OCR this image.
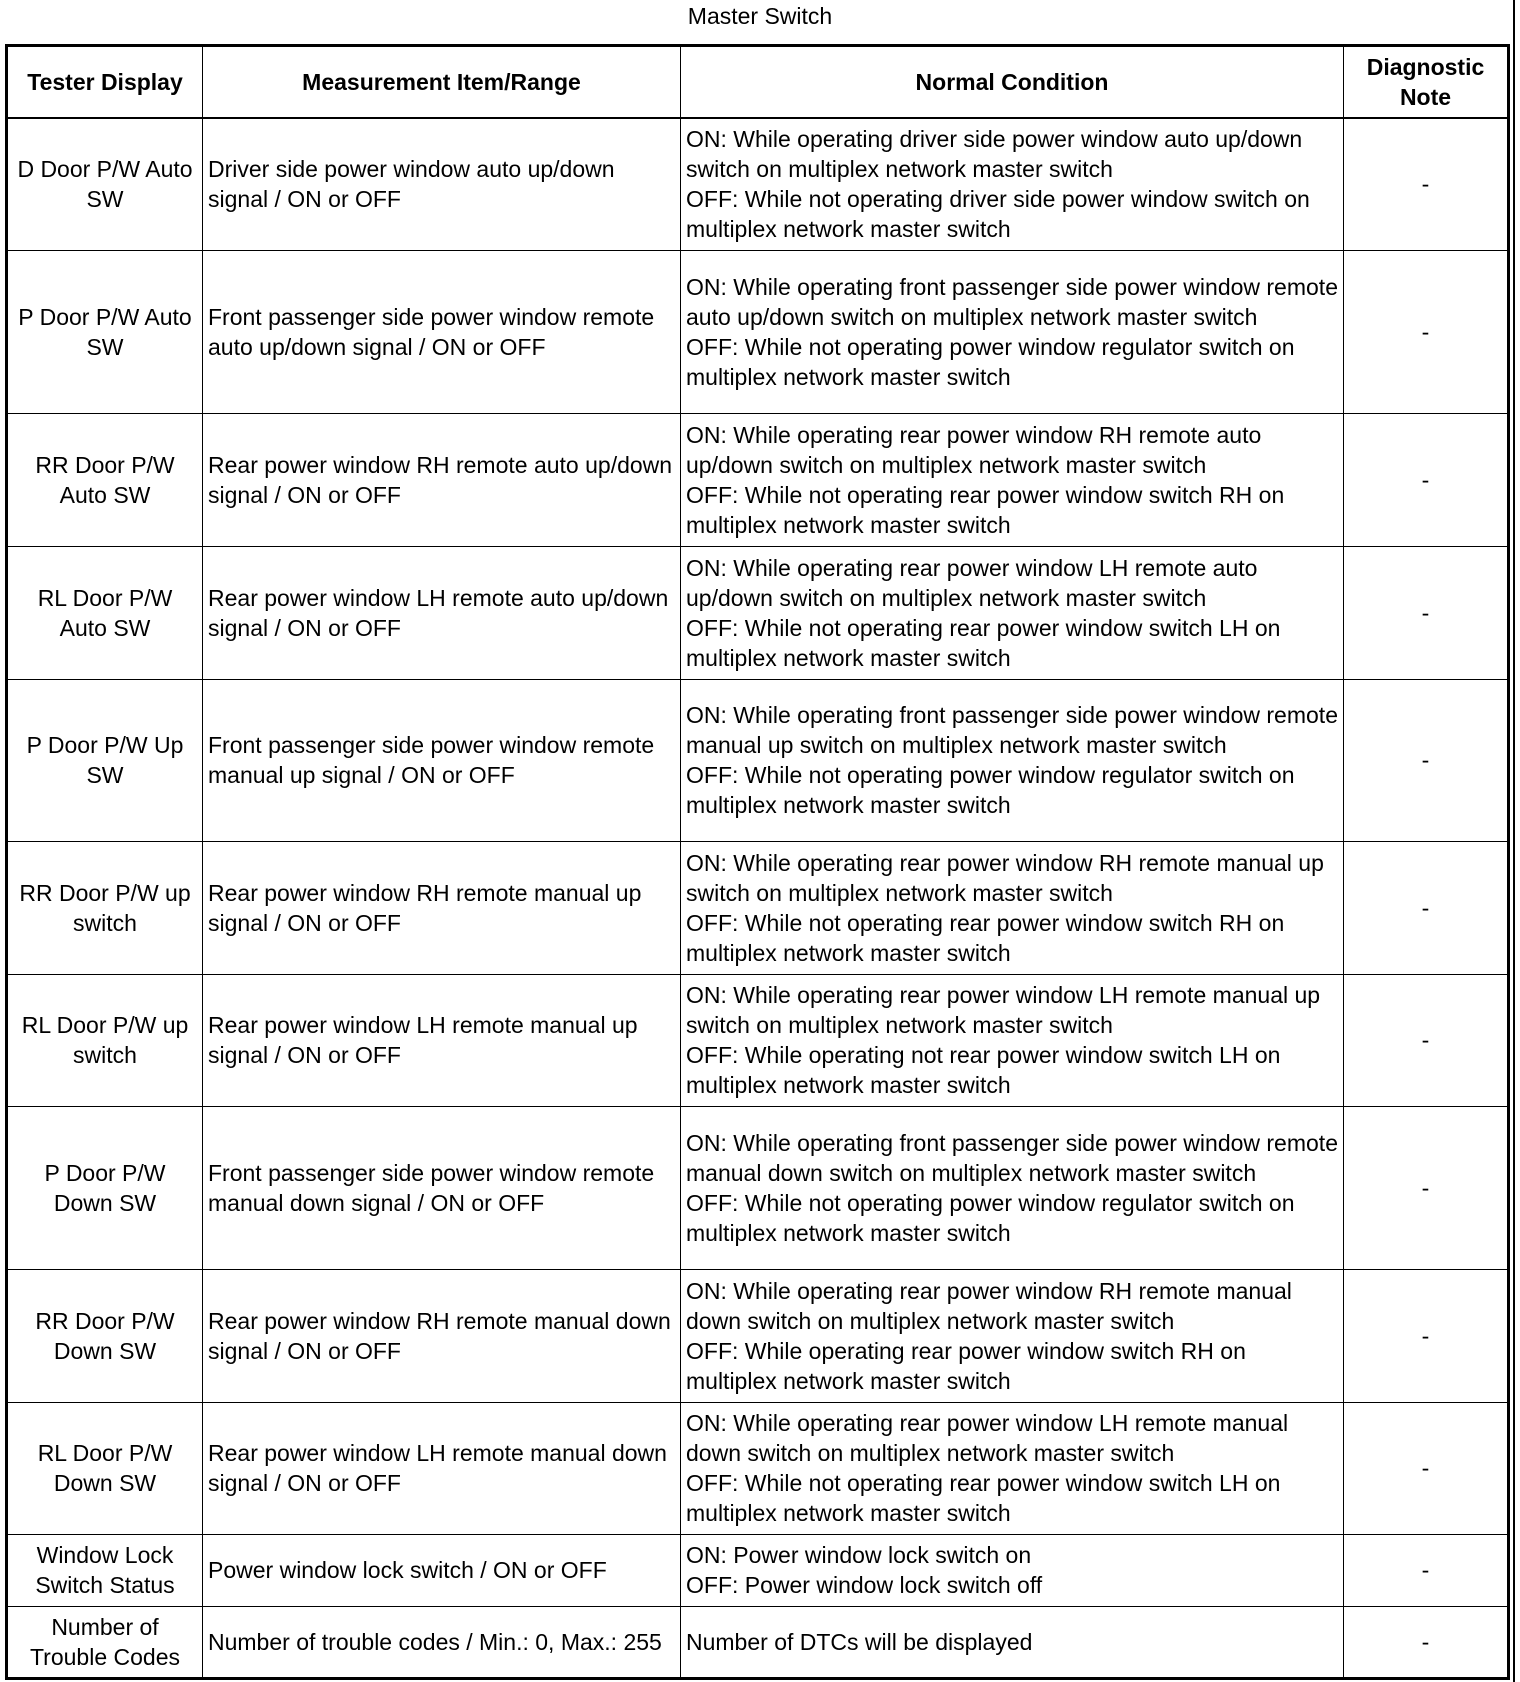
Master Switch
Tester Display	Measurement Item/Range	Normal Condition	Diagnostic Note
D Door P/W Auto SW	Driver side power window auto up/down signal / ON or OFF	ON: While operating driver side power window auto up/down switch on multiplex network master switch
OFF: While not operating driver side power window switch on multiplex network master switch	-
P Door P/W Auto SW	Front passenger side power window remote auto up/down signal / ON or OFF	ON: While operating front passenger side power window remote auto up/down switch on multiplex network master switch
OFF: While not operating power window regulator switch on multiplex network master switch	-
RR Door P/W Auto SW	Rear power window RH remote auto up/down signal / ON or OFF	ON: While operating rear power window RH remote auto up/down switch on multiplex network master switch
OFF: While not operating rear power window switch RH on multiplex network master switch	-
RL Door P/W Auto SW	Rear power window LH remote auto up/down signal / ON or OFF	ON: While operating rear power window LH remote auto up/down switch on multiplex network master switch
OFF: While not operating rear power window switch LH on multiplex network master switch	-
P Door P/W Up SW	Front passenger side power window remote manual up signal / ON or OFF	ON: While operating front passenger side power window remote manual up switch on multiplex network master switch
OFF: While not operating power window regulator switch on multiplex network master switch	-
RR Door P/W up switch	Rear power window RH remote manual up signal / ON or OFF	ON: While operating rear power window RH remote manual up switch on multiplex network master switch
OFF: While not operating rear power window switch RH on multiplex network master switch	-
RL Door P/W up switch	Rear power window LH remote manual up signal / ON or OFF	ON: While operating rear power window LH remote manual up switch on multiplex network master switch
OFF: While operating not rear power window switch LH on multiplex network master switch	-
P Door P/W Down SW	Front passenger side power window remote manual down signal / ON or OFF	ON: While operating front passenger side power window remote manual down switch on multiplex network master switch
OFF: While not operating power window regulator switch on multiplex network master switch	-
RR Door P/W Down SW	Rear power window RH remote manual down signal / ON or OFF	ON: While operating rear power window RH remote manual down switch on multiplex network master switch
OFF: While operating rear power window switch RH on multiplex network master switch	-
RL Door P/W Down SW	Rear power window LH remote manual down signal / ON or OFF	ON: While operating rear power window LH remote manual down switch on multiplex network master switch
OFF: While not operating rear power window switch LH on multiplex network master switch	-
Window Lock Switch Status	Power window lock switch / ON or OFF	ON: Power window lock switch on
OFF: Power window lock switch off	-
Number of Trouble Codes	Number of trouble codes / Min.: 0, Max.: 255	Number of DTCs will be displayed	-
